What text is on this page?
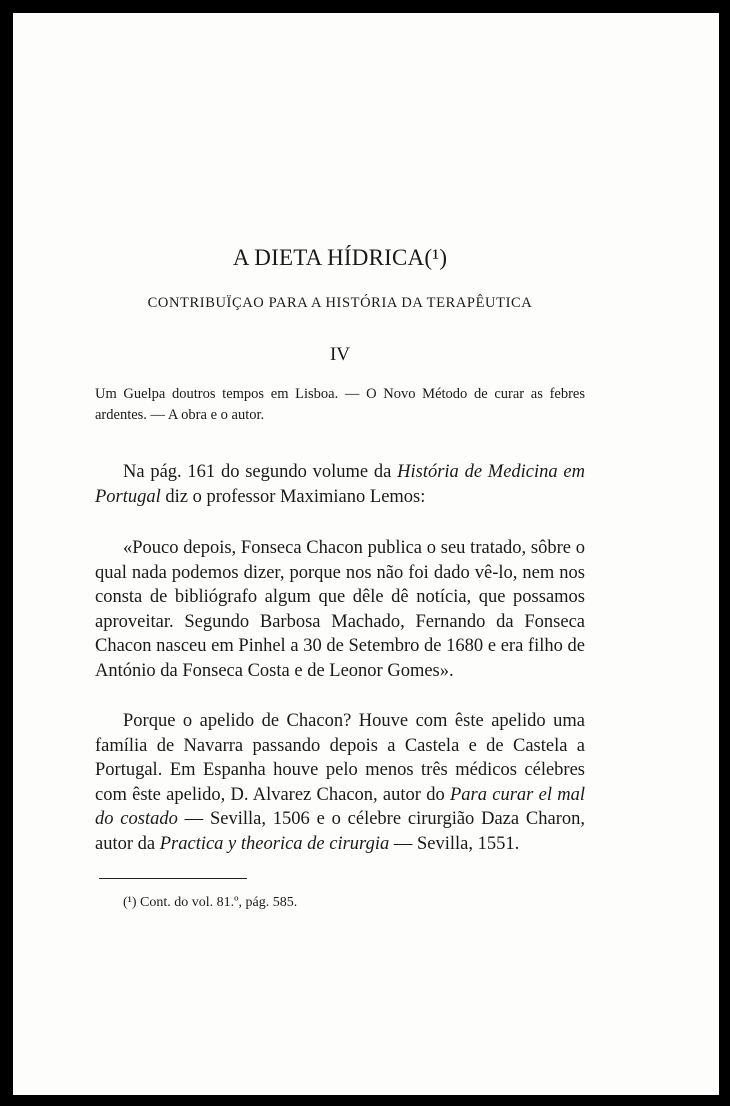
A DIETA HÍDRICA(¹)
CONTRIBUÏÇAO PARA A HISTÓRIA DA TERAPÊUTICA
IV
Um Guelpa doutros tempos em Lisboa. — O Novo Método de curar as febres ardentes. — A obra e o autor.

Na pág. 161 do segundo volume da História de Medicina em Portugal diz o professor Maximiano Lemos:

«Pouco depois, Fonseca Chacon publica o seu tratado, sôbre o qual nada podemos dizer, porque nos não foi dado vê-lo, nem nos consta de bibliógrafo algum que dêle dê notícia, que possamos aproveitar. Segundo Barbosa Machado, Fernando da Fonseca Chacon nasceu em Pinhel a 30 de Setembro de 1680 e era filho de António da Fonseca Costa e de Leonor Gomes».

Porque o apelido de Chacon? Houve com êste apelido uma família de Navarra passando depois a Castela e de Castela a Portugal. Em Espanha houve pelo menos três médicos célebres com êste apelido, D. Alvarez Chacon, autor do Para curar el mal do costado — Sevilla, 1506 e o célebre cirurgião Daza Charon, autor da Practica y theorica de cirurgia — Sevilla, 1551.

(¹) Cont. do vol. 81.º, pág. 585.
